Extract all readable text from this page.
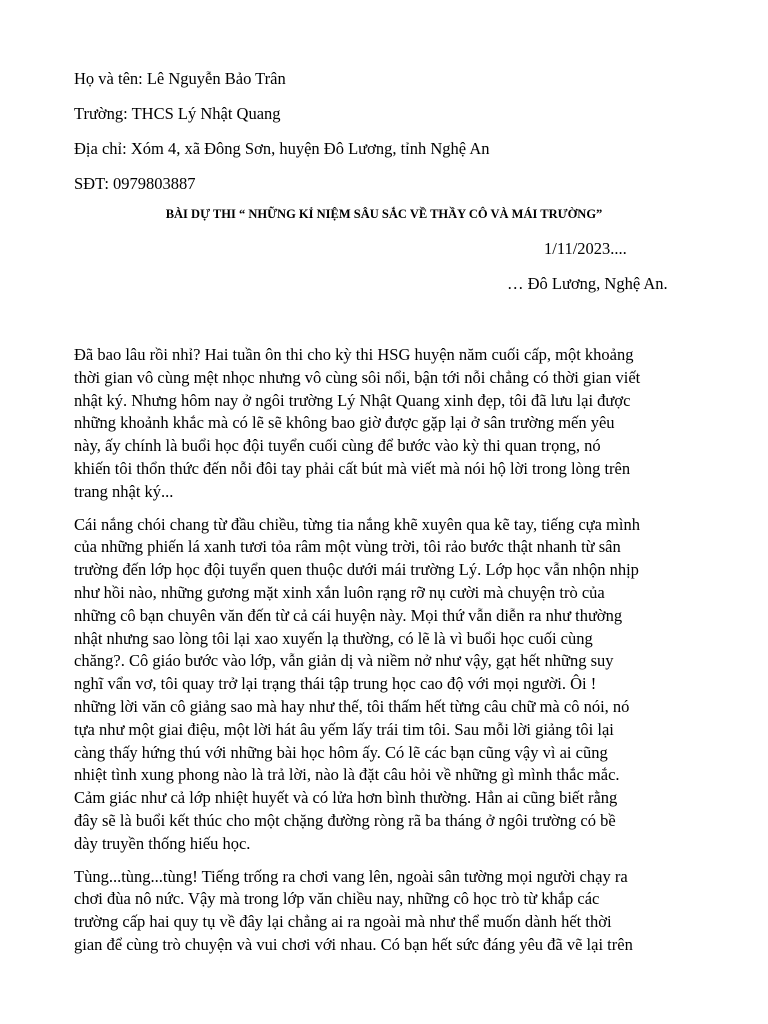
Họ và tên: Lê Nguyễn Bảo Trân
Trường: THCS Lý Nhật Quang
Địa chỉ: Xóm 4, xã Đông Sơn, huyện Đô Lương, tỉnh Nghệ An
SĐT: 0979803887
BÀI DỰ THI “ NHỮNG KỈ NIỆM SÂU SẮC VỀ THẦY CÔ VÀ MÁI TRƯỜNG”
1/11/2023....
… Đô Lương, Nghệ An.
Đã bao lâu rồi nhỉ? Hai tuần ôn thi cho kỳ thi HSG huyện năm cuối cấp, một khoảng
thời gian vô cùng mệt nhọc nhưng vô cùng sôi nổi, bận tới nỗi chẳng có thời gian viết
nhật ký. Nhưng hôm nay ở ngôi trường Lý Nhật Quang xinh đẹp, tôi đã lưu lại được
những khoảnh khắc mà có lẽ sẽ không bao giờ được gặp lại ở sân trường mến yêu
này, ấy chính là buổi học đội tuyển cuối cùng để bước vào kỳ thi quan trọng, nó
khiến tôi thổn thức đến nỗi đôi tay phải cất bút mà viết mà nói hộ lời trong lòng trên
trang nhật ký...
Cái nắng chói chang từ đầu chiều, từng tia nắng khẽ xuyên qua kẽ tay, tiếng cựa mình
của những phiến lá xanh tươi tỏa râm một vùng trời, tôi rảo bước thật nhanh từ sân
trường đến lớp học đội tuyển quen thuộc dưới mái trường Lý. Lớp học vẫn nhộn nhịp
như hồi nào, những gương mặt xinh xắn luôn rạng rỡ nụ cười mà chuyện trò của
những cô bạn chuyên văn đến từ cả cái huyện này. Mọi thứ vẫn diễn ra như thường
nhật nhưng sao lòng tôi lại xao xuyến lạ thường, có lẽ là vì buổi học cuối cùng
chăng?. Cô giáo bước vào lớp, vẫn giản dị và niềm nở như vậy, gạt hết những suy
nghĩ vẩn vơ, tôi quay trở lại trạng thái tập trung học cao độ với mọi người. Ôi !
những lời văn cô giảng sao mà hay như thế, tôi thấm hết từng câu chữ mà cô nói, nó
tựa như một giai điệu, một lời hát âu yếm lấy trái tim tôi. Sau mỗi lời giảng tôi lại
càng thấy hứng thú với những bài học hôm ấy. Có lẽ các bạn cũng vậy vì ai cũng
nhiệt tình xung phong nào là trả lời, nào là đặt câu hỏi về những gì mình thắc mắc.
Cảm giác như cả lớp nhiệt huyết và có lửa hơn bình thường. Hẳn ai cũng biết rằng
đây sẽ là buổi kết thúc cho một chặng đường ròng rã ba tháng ở ngôi trường có bề
dày truyền thống hiếu học.
Tùng...tùng...tùng! Tiếng trống ra chơi vang lên, ngoài sân tường mọi người chạy ra
chơi đùa nô nức. Vậy mà trong lớp văn chiều nay, những cô học trò từ khắp các
trường cấp hai quy tụ về đây lại chẳng ai ra ngoài mà như thể muốn dành hết thời
gian để cùng trò chuyện và vui chơi với nhau. Có bạn hết sức đáng yêu đã vẽ lại trên
